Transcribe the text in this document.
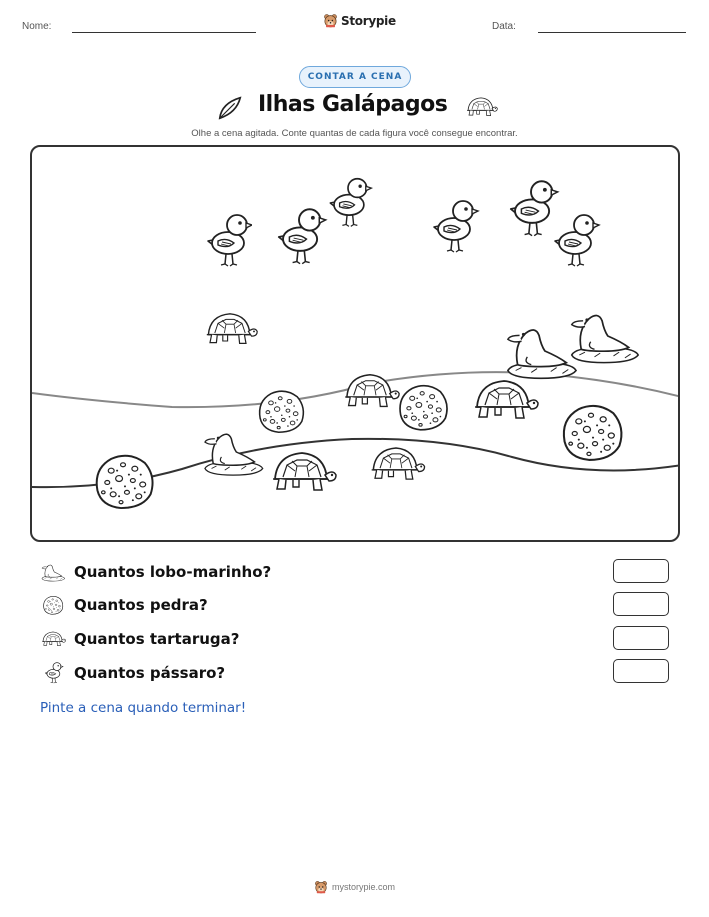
Nome:	Storypie	Data:
CONTAR A CENA
Ilhas Galápagos
Olhe a cena agitada. Conte quantas de cada figura você consegue encontrar.
Quantos lobo-marinho?
Quantos pedra?
Quantos tartaruga?
Quantos pássaro?
Pinte a cena quando terminar!
mystorypie.com
